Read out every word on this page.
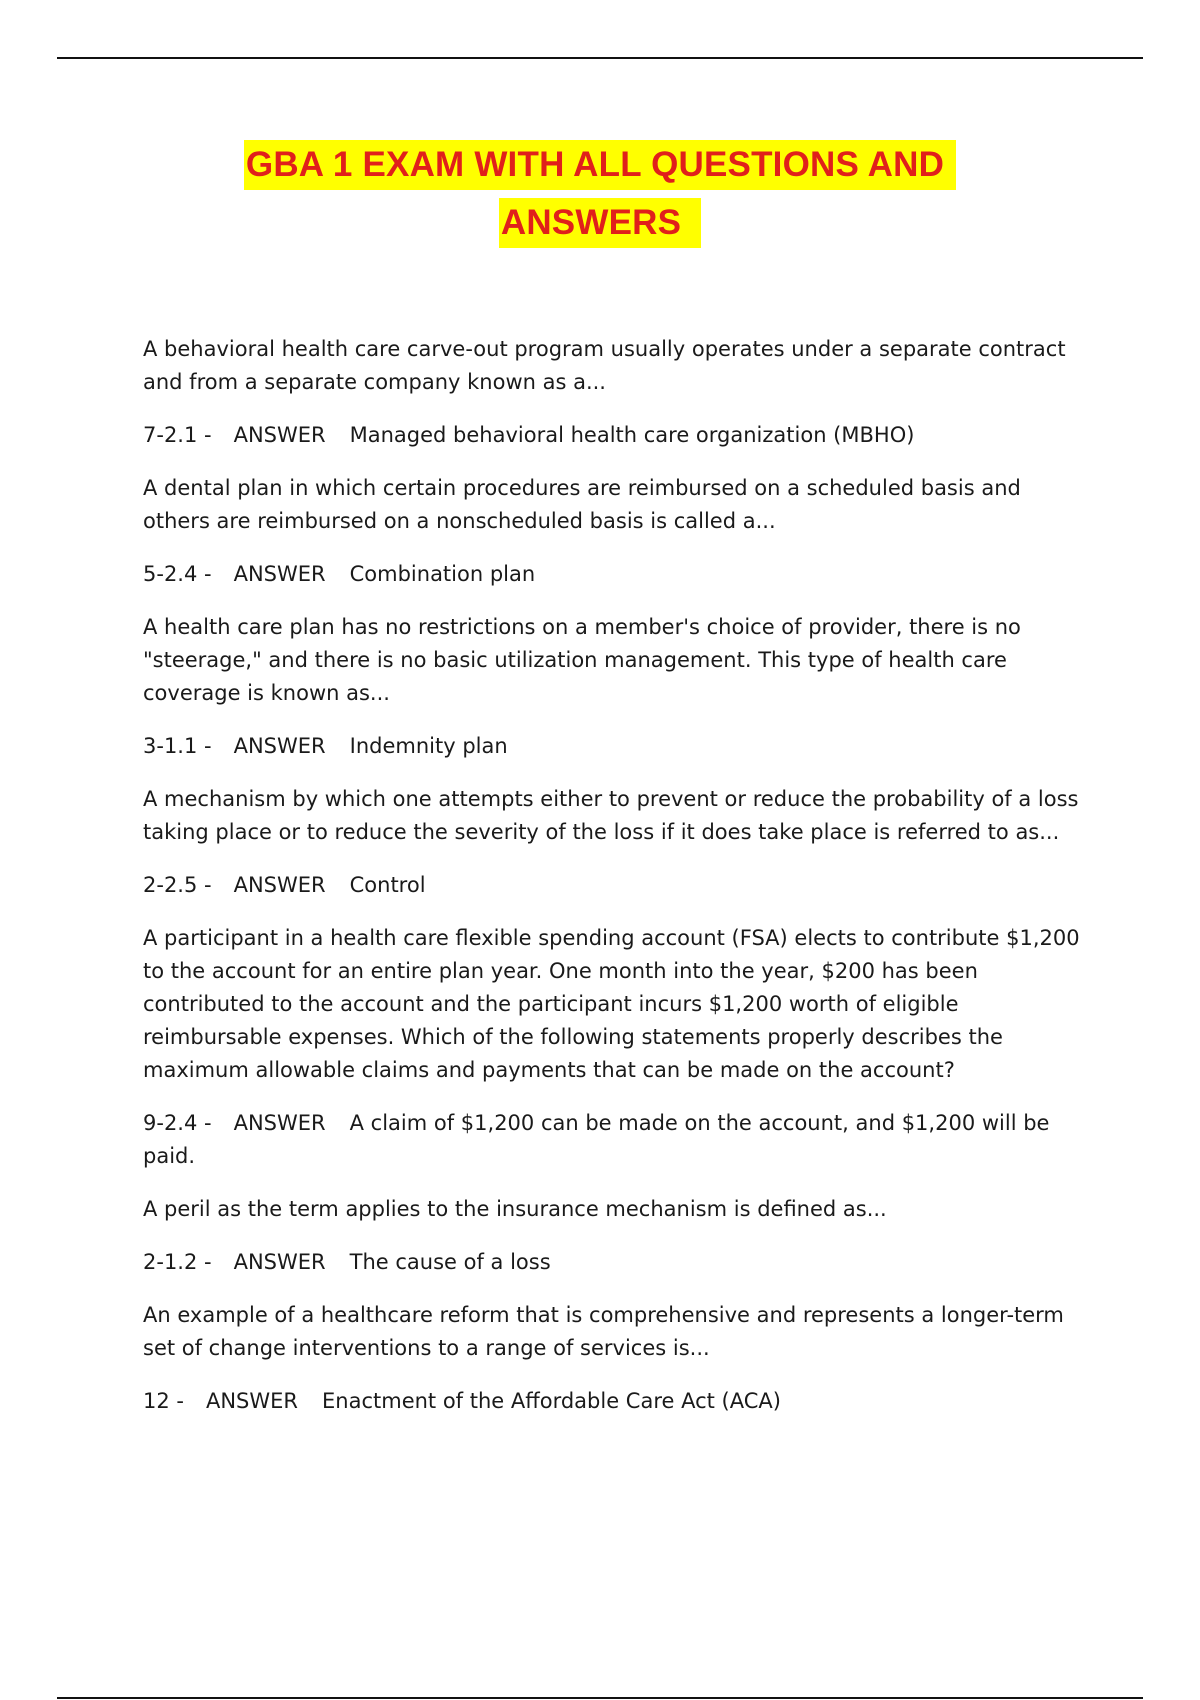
GBA 1 EXAM WITH ALL QUESTIONS AND
ANSWERS

A behavioral health care carve-out program usually operates under a separate contract and from a separate company known as a...

7-2.1 - ANSWER Managed behavioral health care organization (MBHO)

A dental plan in which certain procedures are reimbursed on a scheduled basis and others are reimbursed on a nonscheduled basis is called a...

5-2.4 - ANSWER Combination plan

A health care plan has no restrictions on a member's choice of provider, there is no "steerage," and there is no basic utilization management. This type of health care coverage is known as...

3-1.1 - ANSWER Indemnity plan

A mechanism by which one attempts either to prevent or reduce the probability of a loss taking place or to reduce the severity of the loss if it does take place is referred to as...

2-2.5 - ANSWER Control

A participant in a health care flexible spending account (FSA) elects to contribute $1,200 to the account for an entire plan year. One month into the year, $200 has been contributed to the account and the participant incurs $1,200 worth of eligible reimbursable expenses. Which of the following statements properly describes the maximum allowable claims and payments that can be made on the account?

9-2.4 - ANSWER A claim of $1,200 can be made on the account, and $1,200 will be paid.

A peril as the term applies to the insurance mechanism is defined as...

2-1.2 - ANSWER The cause of a loss

An example of a healthcare reform that is comprehensive and represents a longer-term set of change interventions to a range of services is...

12 - ANSWER Enactment of the Affordable Care Act (ACA)
